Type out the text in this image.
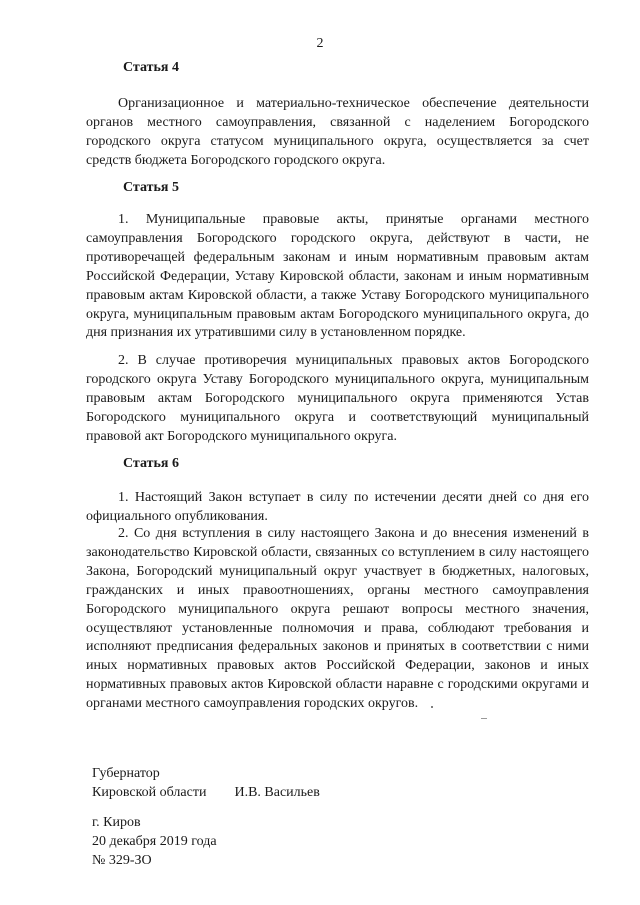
2
Статья 4

Организационное и материально-техническое обеспечение деятельности органов местного самоуправления, связанной с наделением Богородского городского округа статусом муниципального округа, осуществляется за счет средств бюджета Богородского городского округа.

Статья 5

1. Муниципальные правовые акты, принятые органами местного самоуправления Богородского городского округа, действуют в части, не противоречащей федеральным законам и иным нормативным правовым актам Российской Федерации, Уставу Кировской области, законам и иным нормативным правовым актам Кировской области, а также Уставу Богородского муниципального округа, муниципальным правовым актам Богородского муниципального округа, до дня признания их утратившими силу в установленном порядке.

2. В случае противоречия муниципальных правовых актов Богородского городского округа Уставу Богородского муниципального округа, муниципальным правовым актам Богородского муниципального округа применяются Устав Богородского муниципального округа и соответствующий муниципальный правовой акт Богородского муниципального округа.

Статья 6

1. Настоящий Закон вступает в силу по истечении десяти дней со дня его официального опубликования.

2. Со дня вступления в силу настоящего Закона и до внесения изменений в законодательство Кировской области, связанных со вступлением в силу настоящего Закона, Богородский муниципальный округ участвует в бюджетных, налоговых, гражданских и иных правоотношениях, органы местного самоуправления Богородского муниципального округа решают вопросы местного значения, осуществляют установленные полномочия и права, соблюдают требования и исполняют предписания федеральных законов и принятых в соответствии с ними иных нормативных правовых актов Российской Федерации, законов и иных нормативных правовых актов Кировской области наравне с городскими округами и органами местного самоуправления городских округов.

Губернатор
Кировской области И.В. Васильев
г. Киров
20 декабря 2019 года
№ 329-ЗО
